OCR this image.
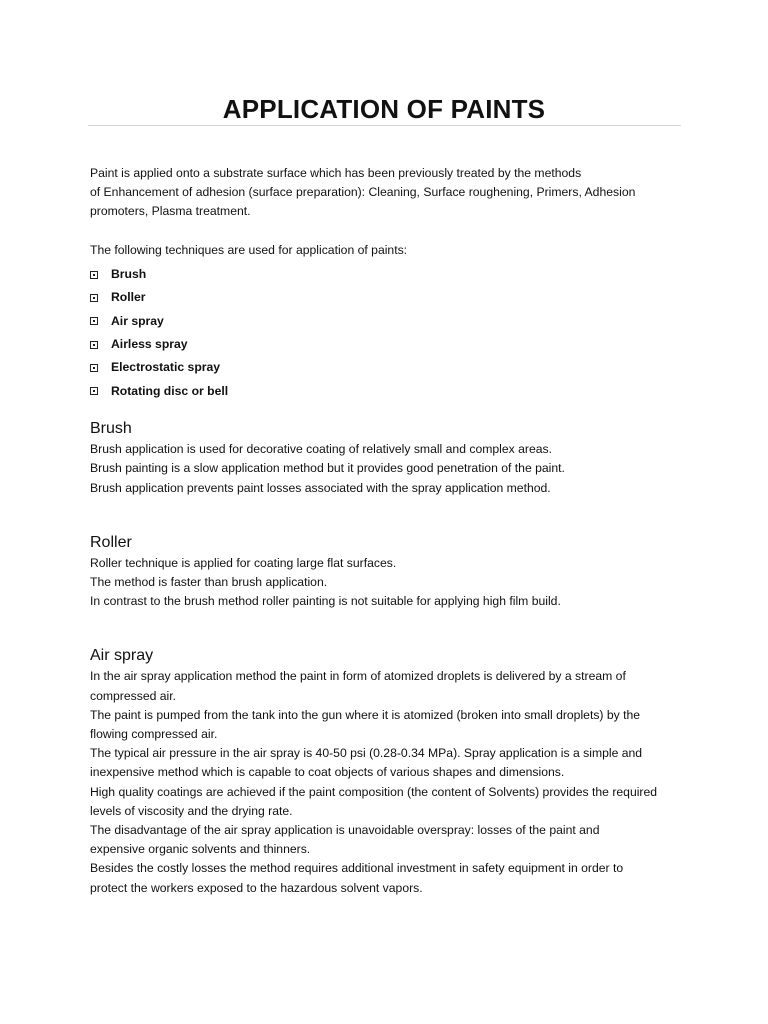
APPLICATION OF PAINTS

Paint is applied onto a substrate surface which has been previously treated by the methods

of Enhancement of adhesion (surface preparation): Cleaning, Surface roughening, Primers, Adhesion

promoters, Plasma treatment.

The following techniques are used for application of paints:

Brush
Roller
Air spray
Airless spray
Electrostatic spray
Rotating disc or bell
Brush

Brush application is used for decorative coating of relatively small and complex areas.

Brush painting is a slow application method but it provides good penetration of the paint.

Brush application prevents paint losses associated with the spray application method.

Roller

Roller technique is applied for coating large flat surfaces.

The method is faster than brush application.

In contrast to the brush method roller painting is not suitable for applying high film build.

Air spray

In the air spray application method the paint in form of atomized droplets is delivered by a stream of

compressed air.

The paint is pumped from the tank into the gun where it is atomized (broken into small droplets) by the

flowing compressed air.

The typical air pressure in the air spray is 40-50 psi (0.28-0.34 MPa). Spray application is a simple and

inexpensive method which is capable to coat objects of various shapes and dimensions.

High quality coatings are achieved if the paint composition (the content of Solvents) provides the required

levels of viscosity and the drying rate.

The disadvantage of the air spray application is unavoidable overspray: losses of the paint and

expensive organic solvents and thinners.

Besides the costly losses the method requires additional investment in safety equipment in order to

protect the workers exposed to the hazardous solvent vapors.
